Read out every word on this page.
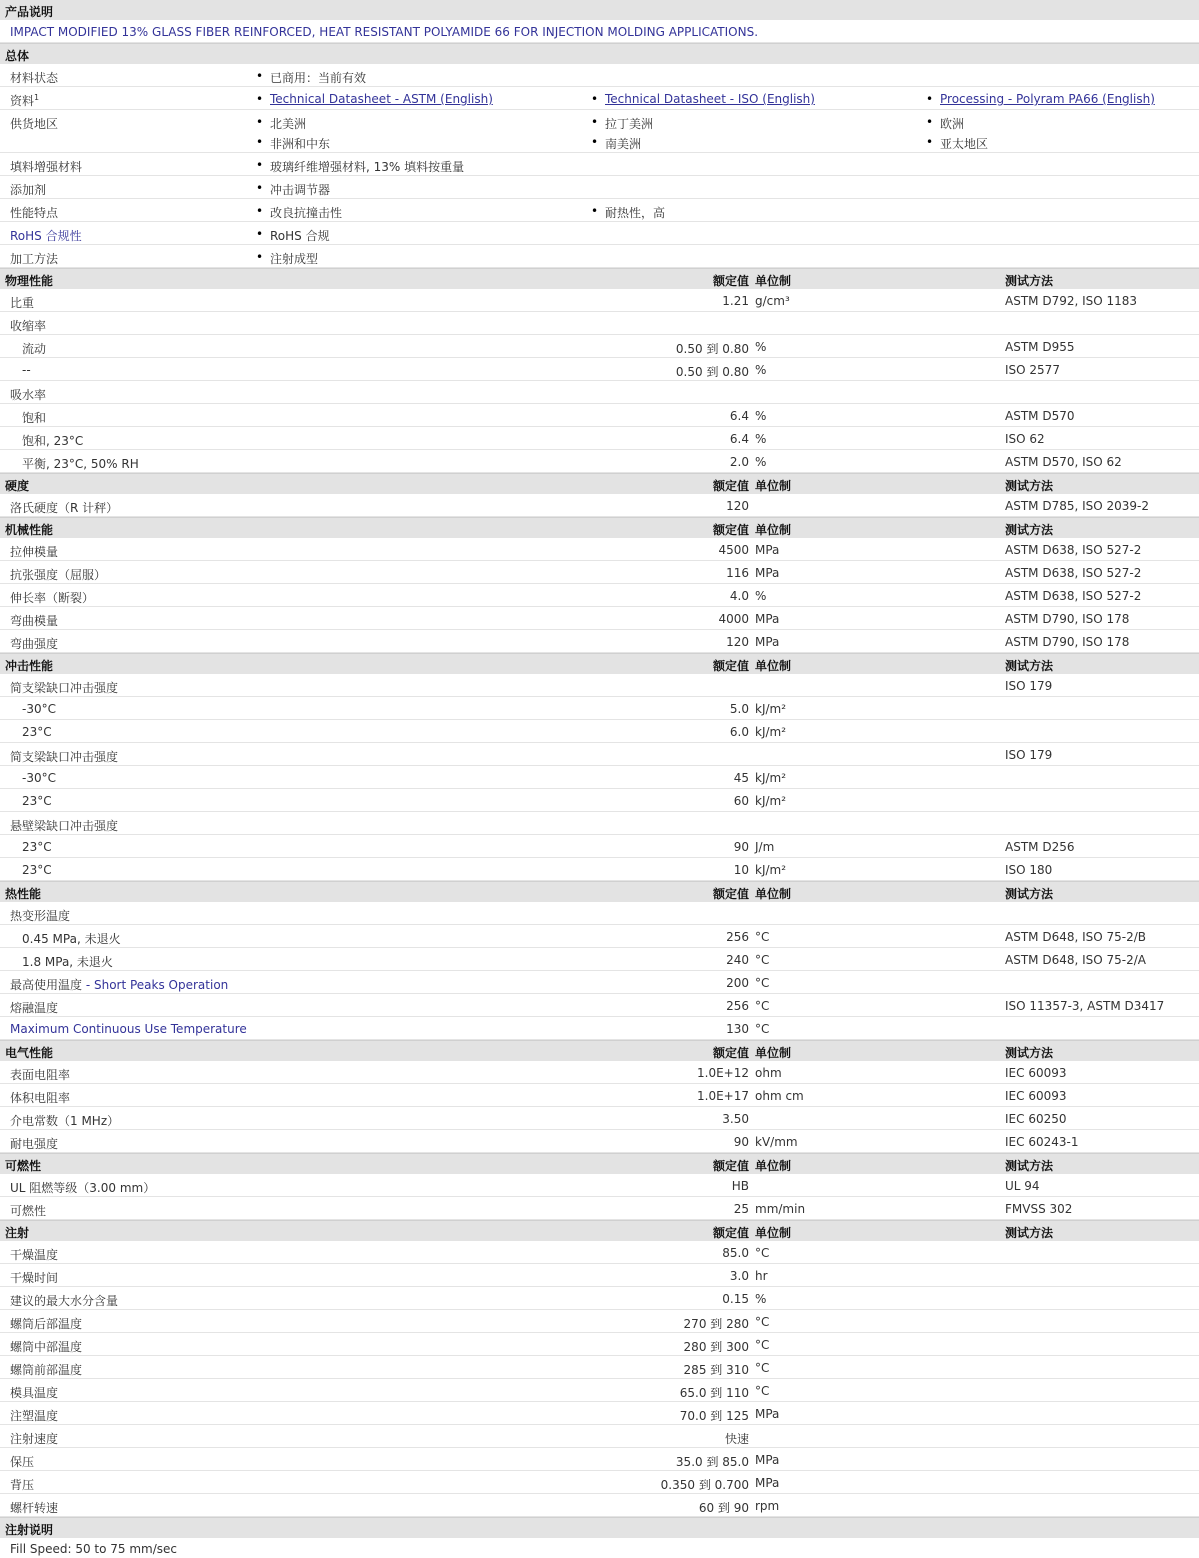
产品说明
IMPACT MODIFIED 13% GLASS FIBER REINFORCED, HEAT RESISTANT POLYAMIDE 66 FOR INJECTION MOLDING APPLICATIONS.
总体
材料状态	• 已商用：当前有效
资料$^1$	• Technical Datasheet - ASTM (English)	• Technical Datasheet - ISO (English)	• Processing - Polyram PA66 (English)
供货地区	• 北美洲	• 拉丁美洲	• 欧洲
• 非洲和中东	• 南美洲	• 亚太地区
填料增强材料	• 玻璃纤维增强材料, 13% 填料按重量
添加剂	• 冲击调节器
性能特点	• 改良抗撞击性	• 耐热性，高
RoHS 合规性	• RoHS 合规
加工方法	• 注射成型
物理性能	额定值 单位制	测试方法
比重	1.21 g/cm³	ASTM D792, ISO 1183
收缩率
流动	0.50 到 0.80 %	ASTM D955
--	0.50 到 0.80 %	ISO 2577
吸水率
饱和	6.4 %	ASTM D570
饱和, 23°C	6.4 %	ISO 62
平衡, 23°C, 50% RH	2.0 %	ASTM D570, ISO 62
硬度	额定值 单位制	测试方法
洛氏硬度（R 计秤）	120	ASTM D785, ISO 2039-2
机械性能	额定值 单位制	测试方法
拉伸模量	4500 MPa	ASTM D638, ISO 527-2
抗张强度（屈服）	116 MPa	ASTM D638, ISO 527-2
伸长率（断裂）	4.0 %	ASTM D638, ISO 527-2
弯曲模量	4000 MPa	ASTM D790, ISO 178
弯曲强度	120 MPa	ASTM D790, ISO 178
冲击性能	额定值 单位制	测试方法
简支梁缺口冲击强度	ISO 179
-30°C	5.0 kJ/m²
23°C	6.0 kJ/m²
简支梁缺口冲击强度	ISO 179
-30°C	45 kJ/m²
23°C	60 kJ/m²
悬壁梁缺口冲击强度
23°C	90 J/m	ASTM D256
23°C	10 kJ/m²	ISO 180
热性能	额定值 单位制	测试方法
热变形温度
0.45 MPa, 未退火	256 °C	ASTM D648, ISO 75-2/B
1.8 MPa, 未退火	240 °C	ASTM D648, ISO 75-2/A
最高使用温度 - Short Peaks Operation	200 °C
熔融温度	256 °C	ISO 11357-3, ASTM D3417
Maximum Continuous Use Temperature	130 °C
电气性能	额定值 单位制	测试方法
表面电阻率	1.0E+12 ohm	IEC 60093
体积电阻率	1.0E+17 ohm cm	IEC 60093
介电常数（1 MHz）	3.50	IEC 60250
耐电强度	90 kV/mm	IEC 60243-1
可燃性	额定值 单位制	测试方法
UL 阻燃等级（3.00 mm）	HB	UL 94
可燃性	25 mm/min	FMVSS 302
注射	额定值 单位制	测试方法
干燥温度	85.0 °C
干燥时间	3.0 hr
建议的最大水分含量	0.15 %
螺筒后部温度	270 到 280 °C
螺筒中部温度	280 到 300 °C
螺筒前部温度	285 到 310 °C
模具温度	65.0 到 110 °C
注塑温度	70.0 到 125 MPa
注射速度	快速
保压	35.0 到 85.0 MPa
背压	0.350 到 0.700 MPa
螺杆转速	60 到 90 rpm
注射说明
Fill Speed: 50 to 75 mm/sec
